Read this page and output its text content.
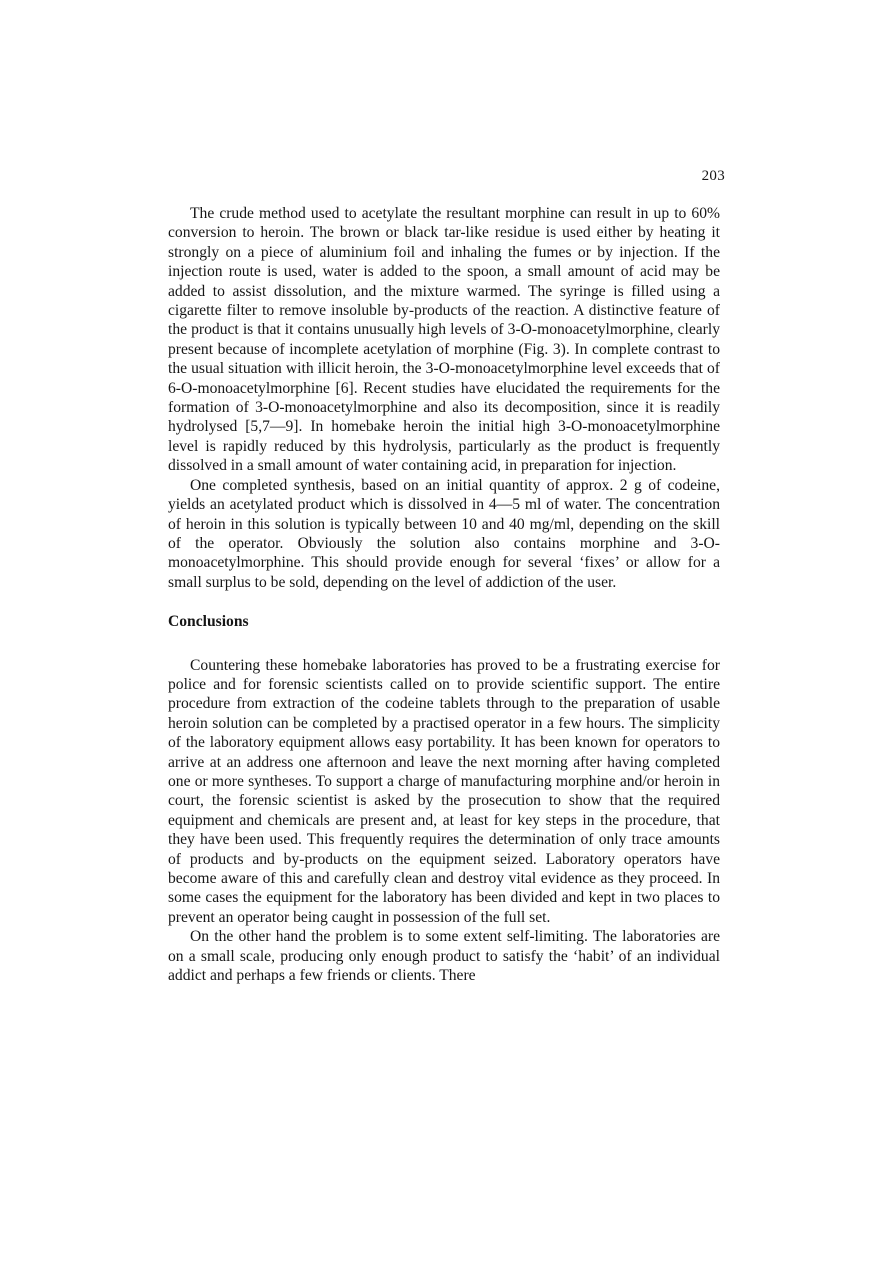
203

The crude method used to acetylate the resultant morphine can result in up to 60% conversion to heroin. The brown or black tar-like residue is used either by heating it strongly on a piece of aluminium foil and inhaling the fumes or by injection. If the injection route is used, water is added to the spoon, a small amount of acid may be added to assist dissolution, and the mixture warmed. The syringe is filled using a cigarette filter to remove insoluble by-products of the reaction. A distinctive feature of the product is that it contains unusually high levels of 3-O-monoacetylmorphine, clearly present because of incomplete acetylation of morphine (Fig. 3). In complete contrast to the usual situation with illicit heroin, the 3-O-monoacetylmorphine level exceeds that of 6-O-monoacetylmorphine [6]. Recent studies have elucidated the requirements for the formation of 3-O-monoacetylmorphine and also its decomposition, since it is readily hydrolysed [5,7—9]. In homebake heroin the initial high 3-O-monoacetylmorphine level is rapidly reduced by this hydrolysis, particularly as the product is frequently dissolved in a small amount of water containing acid, in preparation for injection.

One completed synthesis, based on an initial quantity of approx. 2 g of codeine, yields an acetylated product which is dissolved in 4—5 ml of water. The concentration of heroin in this solution is typically between 10 and 40 mg/ml, depending on the skill of the operator. Obviously the solution also contains morphine and 3-O-monoacetylmorphine. This should provide enough for several ‘fixes’ or allow for a small surplus to be sold, depending on the level of addiction of the user.

Conclusions

Countering these homebake laboratories has proved to be a frustrating exercise for police and for forensic scientists called on to provide scientific support. The entire procedure from extraction of the codeine tablets through to the preparation of usable heroin solution can be completed by a practised operator in a few hours. The simplicity of the laboratory equipment allows easy portability. It has been known for operators to arrive at an address one afternoon and leave the next morning after having completed one or more syntheses. To support a charge of manufacturing morphine and/or heroin in court, the forensic scientist is asked by the prosecution to show that the required equipment and chemicals are present and, at least for key steps in the procedure, that they have been used. This frequently requires the determination of only trace amounts of products and by-products on the equipment seized. Laboratory operators have become aware of this and carefully clean and destroy vital evidence as they proceed. In some cases the equipment for the laboratory has been divided and kept in two places to prevent an operator being caught in possession of the full set.

On the other hand the problem is to some extent self-limiting. The laboratories are on a small scale, producing only enough product to satisfy the ‘habit’ of an individual addict and perhaps a few friends or clients. There
